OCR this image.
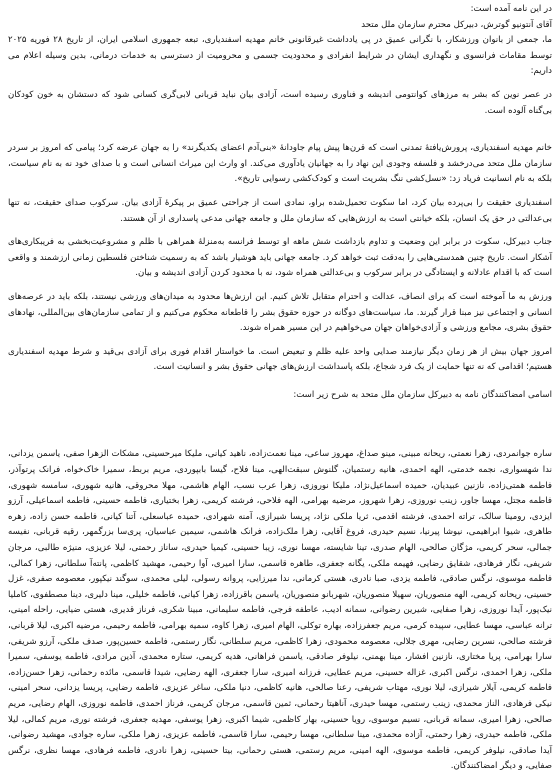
در این نامه آمده است:

آقای آنتونیو گوترش، دبیرکل محترم سازمان ملل متحد

ما، جمعی از بانوان ورزشکار، با نگرانی عمیق در پی یادداشت غیرقانونی خانم مهدیه اسفندیاری، تبعه جمهوری اسلامی ایران، از تاریخ ۲۸ فوریه ۲۰۲۵ توسط مقامات فرانسوی و نگهداری ایشان در شرایط انفرادی و محدودیت جسمی و محرومیت از دسترسی به خدمات درمانی، بدین وسیله اعلام می داریم:

در عصر نوین که بشر به مرزهای کوانتومی اندیشه و فناوری رسیده است، آزادی بیان نباید قربانی لابی‌گری کسانی شود که دستشان به خون کودکان بی‌گناه آلوده است.

خانم مهدیه اسفندیاری، پرورش‌یافتهٔ تمدنی است که قرن‌ها پیش پیام جاودانهٔ «بنی‌آدم اعضای یکدیگرند» را به جهان عرضه کرد؛ پیامی که امروز بر سردر سازمان ملل متحد می‌درخشد و فلسفه وجودی این نهاد را به جهانیان یادآوری می‌کند. او وارث این میراث انسانی است و با صدای خود نه به نام سیاست، بلکه به نام انسانیت فریاد زد: «نسل‌کشی ننگ بشریت است و کودک‌کشی رسوایی تاریخ».

اسفندیاری حقیقت را بی‌پرده بیان کرد، اما سکوت تحمیل‌شده براو، نمادی است از جراحتی عمیق بر پیکرهٔ آزادی بیان. سرکوب صدای حقیقت، نه تنها بی‌عدالتی در حق یک انسان، بلکه خیانتی است به ارزش‌هایی که سازمان ملل و جامعه جهانی مدعی پاسداری از آن هستند.

جناب دبیرکل، سکوت در برابر این وضعیت و تداوم بازداشت شش ماهه او توسط فرانسه به‌منزلهٔ همراهی با ظلم و مشروعیت‌بخشی به فریبکاری‌های آشکار است. تاریخ چنین همدستی‌هایی را به‌دقت ثبت خواهد کرد. جامعه جهانی باید هوشیار باشد که به رسمیت شناختن فلسطین زمانی ارزشمند و واقعی است که با اقدام عادلانه و ایستادگی در برابر سرکوب و بی‌عدالتی همراه شود، نه با محدود کردن آزادی اندیشه و بیان.

ورزش به ما آموخته است که برای انصاف، عدالت و احترام متقابل تلاش کنیم. این ارزش‌ها محدود به میدان‌های ورزشی نیستند، بلکه باید در عرصه‌های انسانی و اجتماعی نیز مبنا قرار گیرند. ما، سیاست‌های دوگانه در حوزه حقوق بشر را قاطعانه محکوم می‌کنیم و از تمامی سازمان‌های بین‌المللی، نهادهای حقوق بشری، مجامع ورزشی و آزادی‌خواهان جهان می‌خواهیم در این مسیر همراه شوند.

امروز جهان بیش از هر زمان دیگر نیازمند صدایی واحد علیه ظلم و تبعیض است. ما خواستار اقدام فوری برای آزادی بی‌قید و شرط مهدیه اسفندیاری هستیم؛ اقدامی که نه تنها حمایت از یک فرد شجاع، بلکه پاسداشت ارزش‌های جهانی حقوق بشر و انسانیت است.

اسامی امضاکنندگان نامه به دبیرکل سازمان ملل متحد به شرح زیر است:

ساره جوانمردی، زهرا نعمتی، ریحانه مبینی، مینو صداغ، مهروز ساعی، مینا نعمت‌زاده، ناهید کیانی، ملیکا میرحسینی، مشکات الزهرا صفی، یاسمن یزدانی، ندا شهسواری، نجمه خدمتی، الهه احمدی، هانیه رستمیان، گلنوش سبقت‌الهی، مینا فلاح، گیسا بابپوردی، مریم بربط، سمیرا خاک‌خواه، فرانک پرتوآذر، فاطمه همتی‌زاده، نازنین عبیدیان، حمیده اسماعیل‌نژاد، ملیکا نوروزی، زهرا عرب نسب، الهام هاشمی، مهلا محروقی، هانیه شهوری، سامسه شهوری، فاطمه مجتل، مهسا جاور، زینب نوروزی، زهرا شهروز، مرضیه بهرامی، الهه فلاحی، فرشته کریمی، زهرا بختیاری، فاطمه حسینی، فاطمه اسماعیلی، آرزو ایزدی، رومینا سالک، تراته احمدی، فرشته اقدمی، ثریا ملکی نژاد، پریسا شیرازی، آمنه شهرادی، حمیده عباسعلی، آتنا کیانی، فاطمه حسن زاده، زهره طاهری، شیوا ابراهیمی، نیوشا پیرنیا، نسیم حیدری، فروغ آقایی، زهرا ملک‌زاده، فرانک هاشمی، سیمین عباسیان، پری‌سا بزرگمهر، رقیه قربانی، نفیسه جمالی، سحر کریمی، مژگان صالحی، الهام صدری، تینا شایسته، مهسا نوری، زیبا حسینی، کیمیا حیدری، ساناز رحمتی، لیلا عزیزی، منیژه طالبی، مرجان شریفی، نگار فرهادی، شقایق رضایی، فهیمه ملکی، یگانه جعفری، طاهره قاسمی، سارا امیری، آوا رحیمی، مهشید کاظمی، پانته‌آ سلطانی، زهرا کمالی، فاطمه موسوی، نرگس صادقی، فاطمه یزدی، صبا نادری، هستی کرمانی، ندا میرزایی، پروانه رسولی، لیلی محمدی، سوگند نیکپور، معصومه صفری، غزل حسینی، ریحانه کریمی، الهه منصوریان، سهیلا منصوریان، شهربانو منصوریان، یاسمن باقرزاده، زهرا کیانی، فاطمه خلیلی، مینا دلیری، دینا مصطفوی، کاملیا نیک‌پور، آیدا نوروزی، زهرا صفایی، شیرین رضوانی، سمانه ادیب، عاطفه فرجی، فاطمه سلیمانی، مبینا شکری، فرناز قدیری، هستی ضیایی، راحله امینی، ترانه عباسی، مهسا عطایی، سپیده کرمی، مریم جعفرزاده، بهاره توکلی، الهام امیری، زهرا کاوه، سمیه بهرامی، فاطمه رحیمی، مرضیه اکبری، لیلا قربانی، فرشته صالحی، نسرین رضایی، مهری جلالی، معصومه محمودی، زهرا کاظمی، مریم سلطانی، نگار رستمی، فاطمه حسین‌پور، صدف ملکی، آرزو شریفی، سارا بهرامی، پریا مختاری، نازنین افشار، مینا بهمنی، نیلوفر صادقی، یاسمن فراهانی، هدیه کریمی، ستاره محمدی، آذین مرادی، فاطمه یوسفی، سمیرا ملکی، زهرا احمدی، نرگس اکبری، غزاله حسینی، مریم عطایی، فرزانه امیری، سارا جعفری، الهه رضایی، شیدا قاسمی، مائده رحمانی، زهرا حسن‌زاده، فاطمه کریمی، آیلار شیرازی، لیلا نوری، مهتاب شریفی، رعنا صالحی، هانیه کاظمی، دنیا ملکی، ساغر عزیزی، فاطمه رضایی، پریسا یزدانی، سحر امینی، نیکی فرهادی، الناز محمدی، زینب رستمی، مهسا حیدری، آناهیتا رحمانی، ثمین قاسمی، مرجان کریمی، فرناز احمدی، فاطمه نوروزی، الهام رضایی، مریم صالحی، زهرا امیری، سمانه قربانی، نسیم موسوی، رویا حسینی، بهار کاظمی، شیما اکبری، زهرا یوسفی، مهدیه جعفری، فرشته نوری، مریم کمالی، لیلا ملکی، فاطمه حیدری، زهرا رحمتی، آزاده محمدی، مینا سلطانی، مهسا رحیمی، سارا قاسمی، فاطمه عزیزی، زهرا ملکی، ساره جوادی، مهشید رضوانی، آیدا صادقی، نیلوفر کریمی، فاطمه موسوی، الهه امینی، مریم رستمی، هستی رحمانی، بیتا حسینی، زهرا نادری، فاطمه فرهادی، مهسا نظری، نرگس صفایی، و دیگر امضاکنندگان.
